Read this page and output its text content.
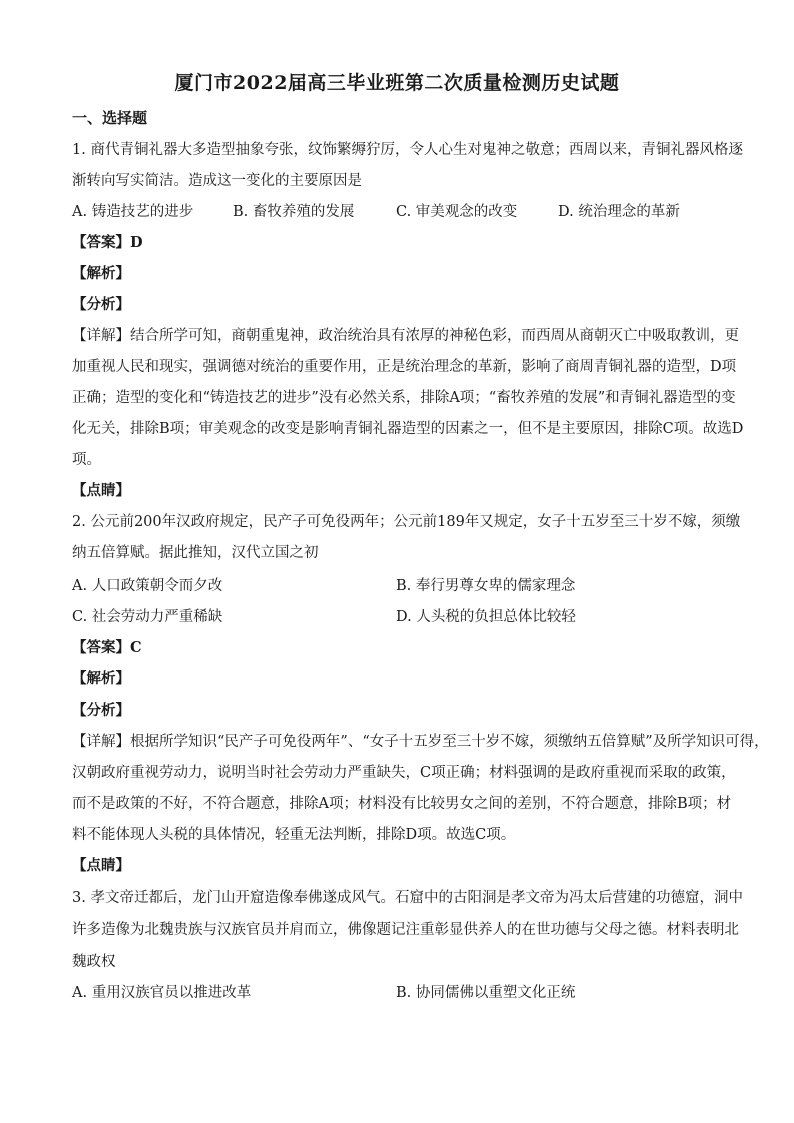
厦门市2022届高三毕业班第二次质量检测历史试题
一、选择题
1. 商代青铜礼器大多造型抽象夸张，纹饰繁缛狞厉，令人心生对鬼神之敬意；西周以来，青铜礼器风格逐
渐转向写实简洁。造成这一变化的主要原因是
A. 铸造技艺的进步	B. 畜牧养殖的发展	C. 审美观念的改变	D. 统治理念的革新
【答案】D
【解析】
【分析】
【详解】结合所学可知，商朝重鬼神，政治统治具有浓厚的神秘色彩，而西周从商朝灭亡中吸取教训，更
加重视人民和现实，强调德对统治的重要作用，正是统治理念的革新，影响了商周青铜礼器的造型，D项
正确；造型的变化和“铸造技艺的进步”没有必然关系，排除A项；“畜牧养殖的发展”和青铜礼器造型的变
化无关，排除B项；审美观念的改变是影响青铜礼器造型的因素之一，但不是主要原因，排除C项。故选D
项。
【点睛】
2. 公元前200年汉政府规定，民产子可免役两年；公元前189年又规定，女子十五岁至三十岁不嫁，须缴
纳五倍算赋。据此推知，汉代立国之初
A. 人口政策朝令而夕改	B. 奉行男尊女卑的儒家理念
C. 社会劳动力严重稀缺	D. 人头税的负担总体比较轻
【答案】C
【解析】
【分析】
【详解】根据所学知识“民产子可免役两年”、“女子十五岁至三十岁不嫁，须缴纳五倍算赋”及所学知识可得，
汉朝政府重视劳动力，说明当时社会劳动力严重缺失，C项正确；材料强调的是政府重视而采取的政策，
而不是政策的不好，不符合题意，排除A项；材料没有比较男女之间的差别，不符合题意，排除B项；材
料不能体现人头税的具体情况，轻重无法判断，排除D项。故选C项。
【点睛】
3. 孝文帝迁都后，龙门山开窟造像奉佛遂成风气。石窟中的古阳洞是孝文帝为冯太后营建的功德窟，洞中
许多造像为北魏贵族与汉族官员并肩而立，佛像题记注重彰显供养人的在世功德与父母之德。材料表明北
魏政权
A. 重用汉族官员以推进改革	B. 协同儒佛以重塑文化正统
